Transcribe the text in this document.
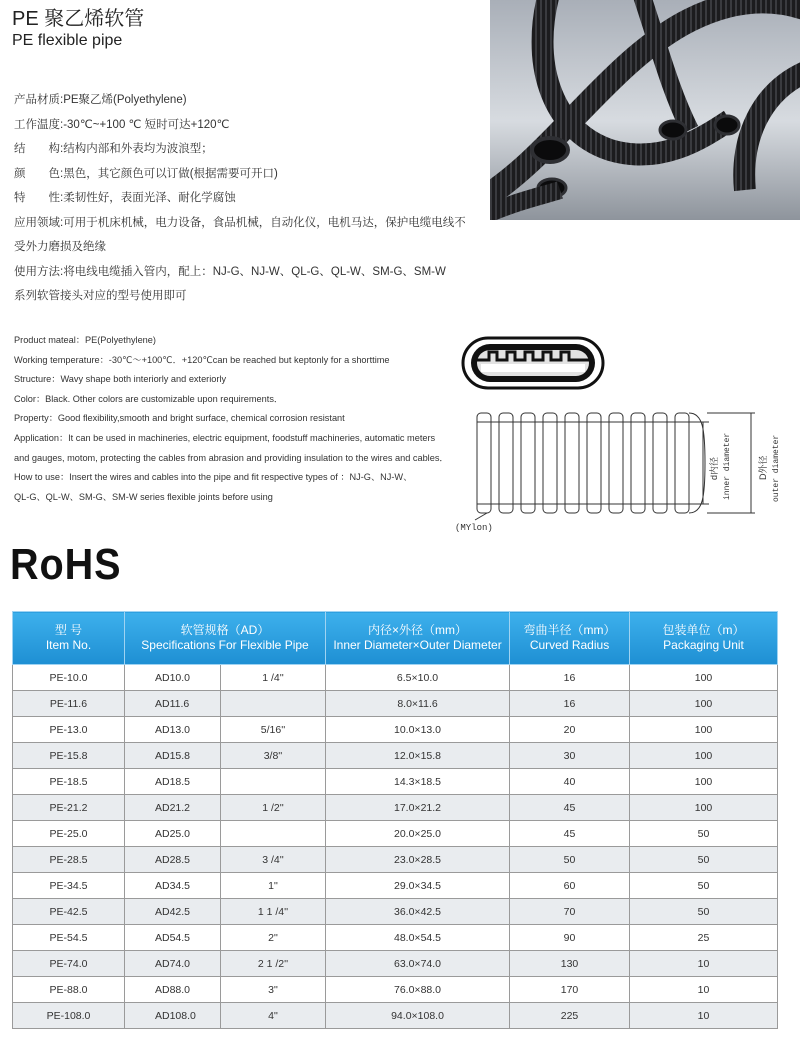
PE 聚乙烯软管
PE flexible pipe
产品材质:PE聚乙烯(Polyethylene)
工作温度:-30℃~+100 ℃ 短时可达+120℃
结　　构:结构内部和外表均为波浪型；
颜　　色:黑色，其它颜色可以订做(根据需要可开口)
特　　性:柔韧性好，表面光泽、耐化学腐蚀
应用领域:可用于机床机械，电力设备，食品机械，自动化仪，电机马达，保护电缆电线不
受外力磨损及绝缘
使用方法:将电线电缆插入管内，配上：NJ-G、NJ-W、QL-G、QL-W、SM-G、SM-W
系列软管接头对应的型号使用即可
Product mateal：PE(Polyethylene)
Working temperature：-30℃～+100℃．+120℃can be reached but keptonly for a shorttime
Structure：Wavy shape both interiorly and exteriorly
Color：Black. Other colors are customizable upon requirements．
Property：Good flexibility,smooth and bright surface, chemical corrosion resistant
Application：It can be used in machineries, electric equipment, foodstuff machineries, automatic meters
and gauges, motom, protecting the cables from abrasion and providing insulation to the wires and cables．
How to use：Insert the wires and cables into the pipe and fit respective types of ：NJ-G、NJ-W、
QL-G、QL-W、SM-G、SM-W series flexible joints before using
d内径 inner diameter	D外径 outer diameter
(MYlon)
RoHS
型 号
Item No.	软管规格（AD）
Specifications For Flexible Pipe		内径×外径（mm）
Inner Diameter×Outer Diameter	弯曲半径（mm）
Curved Radius	包装单位（m）
Packaging Unit
PE-10.0	AD10.0	1 /4''	6.5×10.0	16	100
PE-11.6	AD11.6		8.0×11.6	16	100
PE-13.0	AD13.0	5/16''	10.0×13.0	20	100
PE-15.8	AD15.8	3/8''	12.0×15.8	30	100
PE-18.5	AD18.5		14.3×18.5	40	100
PE-21.2	AD21.2	1 /2''	17.0×21.2	45	100
PE-25.0	AD25.0		20.0×25.0	45	50
PE-28.5	AD28.5	3 /4''	23.0×28.5	50	50
PE-34.5	AD34.5	1''	29.0×34.5	60	50
PE-42.5	AD42.5	1 1 /4''	36.0×42.5	70	50
PE-54.5	AD54.5	2''	48.0×54.5	90	25
PE-74.0	AD74.0	2 1 /2''	63.0×74.0	130	10
PE-88.0	AD88.0	3''	76.0×88.0	170	10
PE-108.0	AD108.0	4''	94.0×108.0	225	10
